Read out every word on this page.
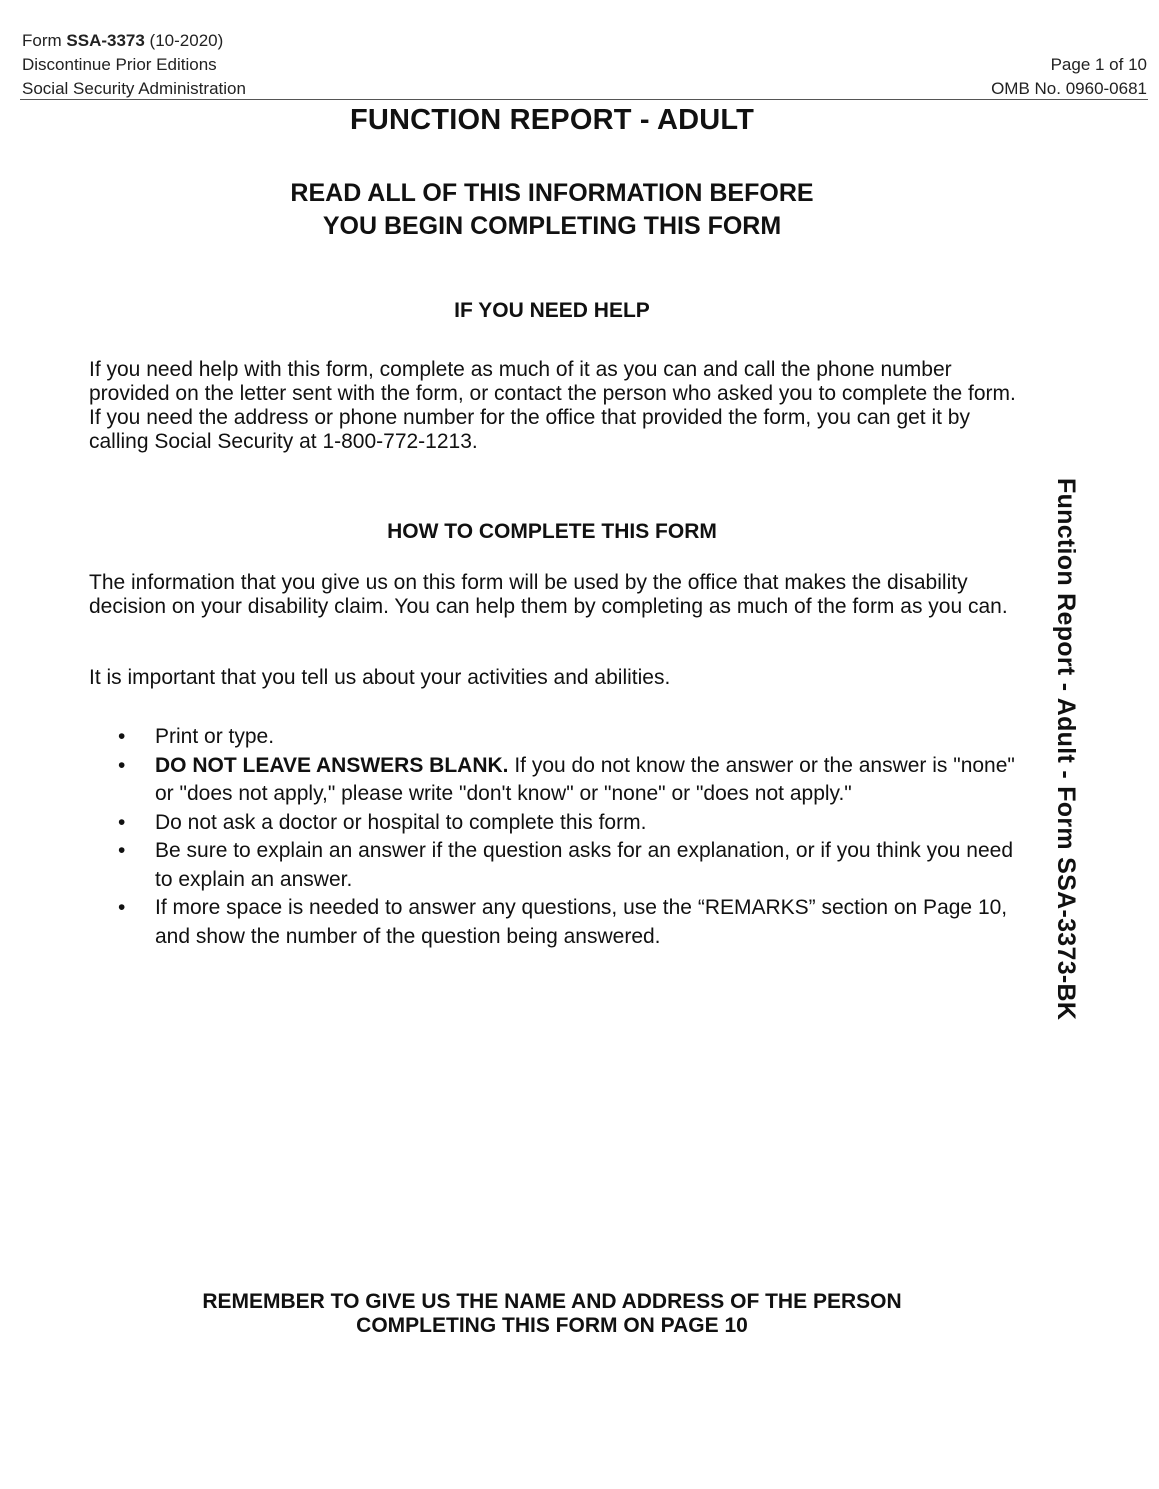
Form SSA-3373 (10-2020)
Discontinue Prior Editions
Social Security Administration
Page 1 of 10
OMB No. 0960-0681
FUNCTION REPORT - ADULT
READ ALL OF THIS INFORMATION BEFORE
YOU BEGIN COMPLETING THIS FORM
IF YOU NEED HELP

If you need help with this form, complete as much of it as you can and call the phone number provided on the letter sent with the form, or contact the person who asked you to complete the form. If you need the address or phone number for the office that provided the form, you can get it by calling Social Security at 1-800-772-1213.

HOW TO COMPLETE THIS FORM

The information that you give us on this form will be used by the office that makes the disability decision on your disability claim. You can help them by completing as much of the form as you can.

It is important that you tell us about your activities and abilities.

• Print or type.
• DO NOT LEAVE ANSWERS BLANK. If you do not know the answer or the answer is "none" or "does not apply," please write "don't know" or "none" or "does not apply."
• Do not ask a doctor or hospital to complete this form.
• Be sure to explain an answer if the question asks for an explanation, or if you think you need to explain an answer.
• If more space is needed to answer any questions, use the “REMARKS” section on Page 10, and show the number of the question being answered.	Function Report - Adult - Form SSA-3373-BK
REMEMBER TO GIVE US THE NAME AND ADDRESS OF THE PERSON
COMPLETING THIS FORM ON PAGE 10
